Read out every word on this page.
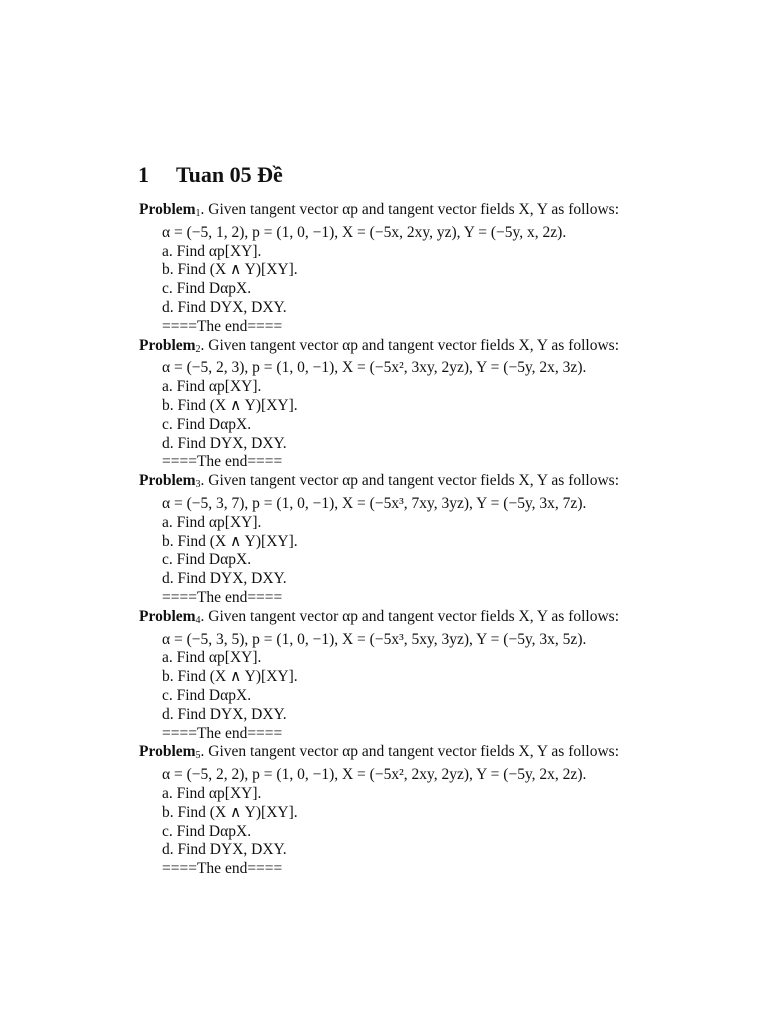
1 Tuan 05 Đề

Problem1. Given tangent vector αp and tangent vector fields X, Y as follows:

α = (−5, 1, 2), p = (1, 0, −1), X = (−5x, 2xy, yz), Y = (−5y, x, 2z).

a. Find αp[XY].

b. Find (X ∧ Y)[XY].

c. Find DαpX.

d. Find DYX, DXY.

====The end====

Problem2. Given tangent vector αp and tangent vector fields X, Y as follows:

α = (−5, 2, 3), p = (1, 0, −1), X = (−5x², 3xy, 2yz), Y = (−5y, 2x, 3z).

a. Find αp[XY].

b. Find (X ∧ Y)[XY].

c. Find DαpX.

d. Find DYX, DXY.

====The end====

Problem3. Given tangent vector αp and tangent vector fields X, Y as follows:

α = (−5, 3, 7), p = (1, 0, −1), X = (−5x³, 7xy, 3yz), Y = (−5y, 3x, 7z).

a. Find αp[XY].

b. Find (X ∧ Y)[XY].

c. Find DαpX.

d. Find DYX, DXY.

====The end====

Problem4. Given tangent vector αp and tangent vector fields X, Y as follows:

α = (−5, 3, 5), p = (1, 0, −1), X = (−5x³, 5xy, 3yz), Y = (−5y, 3x, 5z).

a. Find αp[XY].

b. Find (X ∧ Y)[XY].

c. Find DαpX.

d. Find DYX, DXY.

====The end====

Problem5. Given tangent vector αp and tangent vector fields X, Y as follows:

α = (−5, 2, 2), p = (1, 0, −1), X = (−5x², 2xy, 2yz), Y = (−5y, 2x, 2z).

a. Find αp[XY].

b. Find (X ∧ Y)[XY].

c. Find DαpX.

d. Find DYX, DXY.

====The end====
